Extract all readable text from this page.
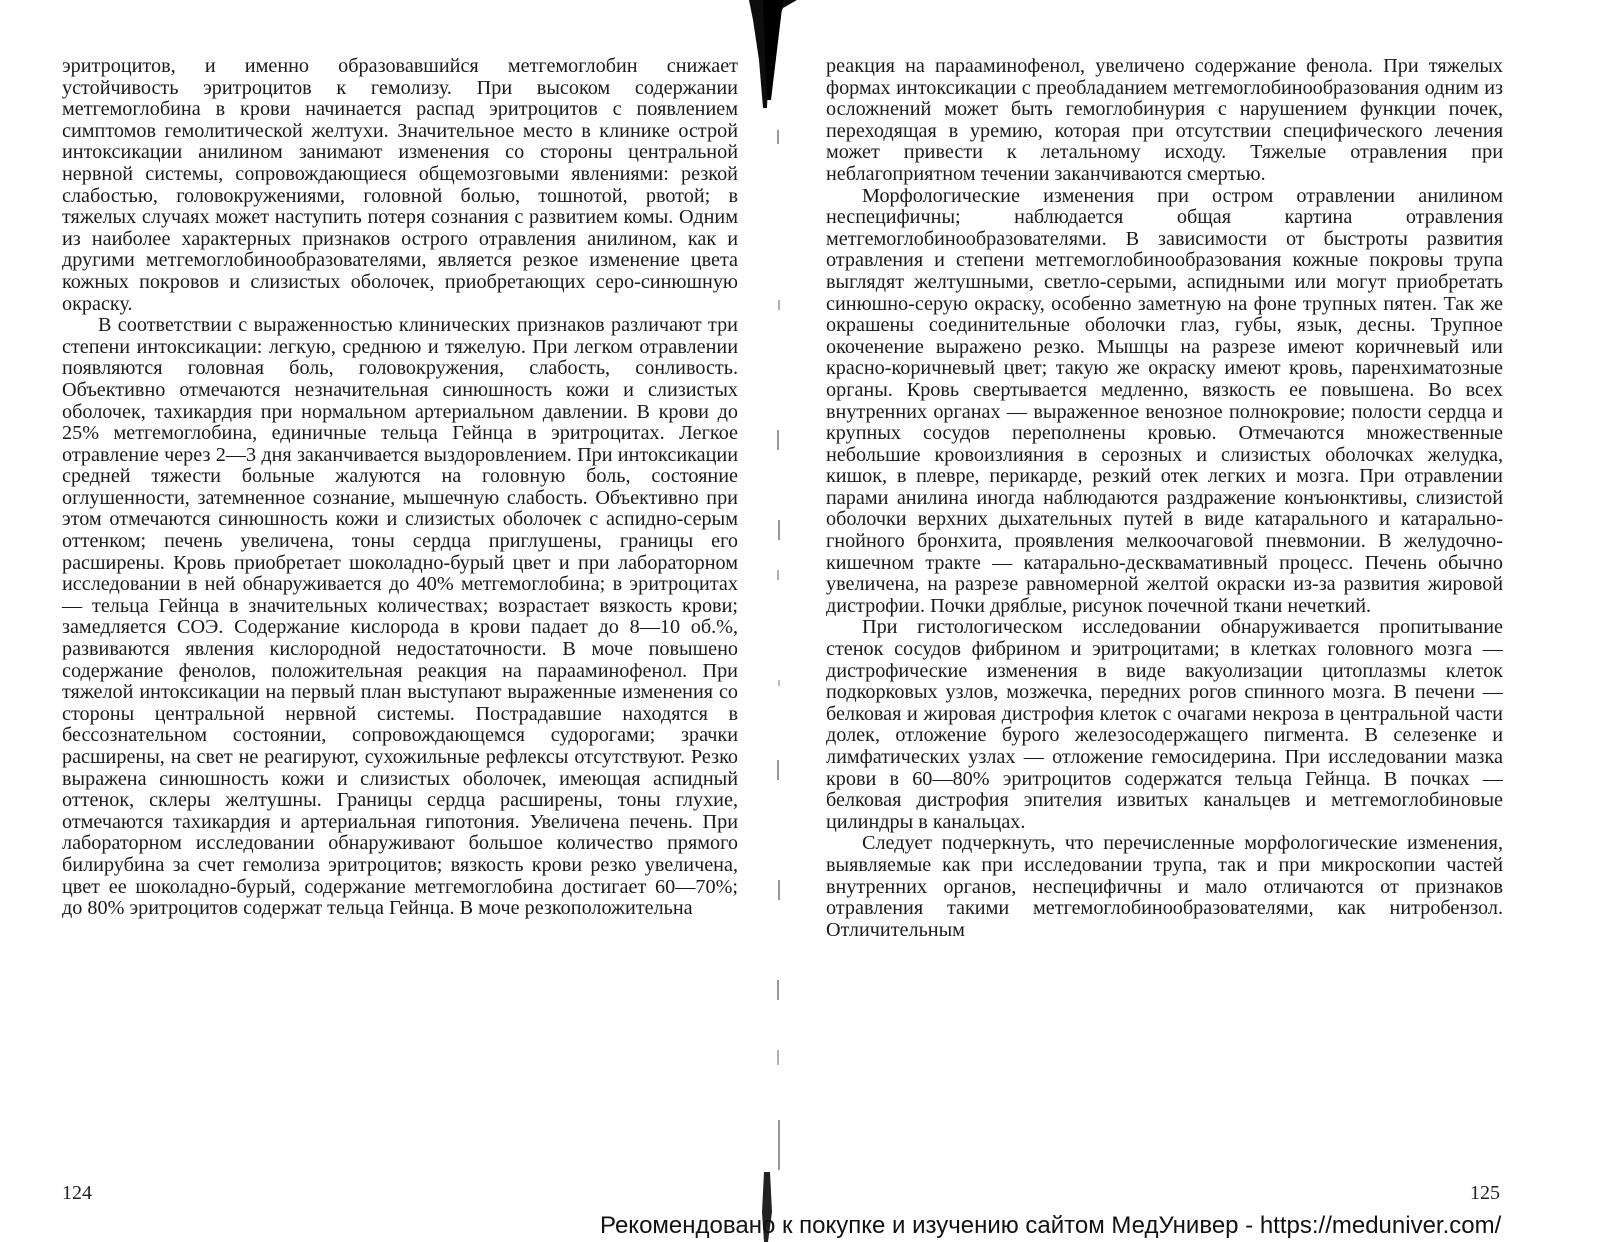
эритроцитов, и именно образовавшийся метгемоглобин снижает устойчивость эритроцитов к гемолизу. При высоком содержании метгемоглобина в крови начинается распад эритроцитов с появлением симптомов гемолитической желтухи. Значительное место в клинике острой интоксикации анилином занимают изменения со стороны центральной нервной системы, сопровождающиеся общемозговыми явлениями: резкой слабостью, головокружениями, головной болью, тошнотой, рвотой; в тяжелых случаях может наступить потеря сознания с развитием комы. Одним из наиболее характерных признаков острого отравления анилином, как и другими метгемоглобинообразователями, является резкое изменение цвета кожных покровов и слизистых оболочек, приобретающих серо-синюшную окраску.

В соответствии с выраженностью клинических признаков различают три степени интоксикации: легкую, среднюю и тяжелую. При легком отравлении появляются головная боль, головокружения, слабость, сонливость. Объективно отмечаются незначительная синюшность кожи и слизистых оболочек, тахикардия при нормальном артериальном давлении. В крови до 25% метгемоглобина, единичные тельца Гейнца в эритроцитах. Легкое отравление через 2—3 дня заканчивается выздоровлением. При интоксикации средней тяжести больные жалуются на головную боль, состояние оглушенности, затемненное сознание, мышечную слабость. Объективно при этом отмечаются синюшность кожи и слизистых оболочек с аспидно-серым оттенком; печень увеличена, тоны сердца приглушены, границы его расширены. Кровь приобретает шоколадно-бурый цвет и при лабораторном исследовании в ней обнаруживается до 40% метгемоглобина; в эритроцитах — тельца Гейнца в значительных количествах; возрастает вязкость крови; замедляется СОЭ. Содержание кислорода в крови падает до 8—10 об.%, развиваются явления кислородной недостаточности. В моче повышено содержание фенолов, положительная реакция на парааминофенол. При тяжелой интоксикации на первый план выступают выраженные изменения со стороны центральной нервной системы. Пострадавшие находятся в бессознательном состоянии, сопровождающемся судорогами; зрачки расширены, на свет не реагируют, сухожильные рефлексы отсутствуют. Резко выражена синюшность кожи и слизистых оболочек, имеющая аспидный оттенок, склеры желтушны. Границы сердца расширены, тоны глухие, отмечаются тахикардия и артериальная гипотония. Увеличена печень. При лабораторном исследовании обнаруживают большое количество прямого билирубина за счет гемолиза эритроцитов; вязкость крови резко увеличена, цвет ее шоколадно-бурый, содержание метгемоглобина достигает 60—70%; до 80% эритроцитов содержат тельца Гейнца. В моче резкоположительна

реакция на парааминофенол, увеличено содержание фенола. При тяжелых формах интоксикации с преобладанием метгемоглобинообразования одним из осложнений может быть гемоглобинурия с нарушением функции почек, переходящая в уремию, которая при отсутствии специфического лечения может привести к летальному исходу. Тяжелые отравления при неблагоприятном течении заканчиваются смертью.

Морфологические изменения при остром отравлении анилином неспецифичны; наблюдается общая картина отравления метгемоглобинообразователями. В зависимости от быстроты развития отравления и степени метгемоглобинообразования кожные покровы трупа выглядят желтушными, светло-серыми, аспидными или могут приобретать синюшно-серую окраску, особенно заметную на фоне трупных пятен. Так же окрашены соединительные оболочки глаз, губы, язык, десны. Трупное окоченение выражено резко. Мышцы на разрезе имеют коричневый или красно-коричневый цвет; такую же окраску имеют кровь, паренхиматозные органы. Кровь свертывается медленно, вязкость ее повышена. Во всех внутренних органах — выраженное венозное полнокровие; полости сердца и крупных сосудов переполнены кровью. Отмечаются множественные небольшие кровоизлияния в серозных и слизистых оболочках желудка, кишок, в плевре, перикарде, резкий отек легких и мозга. При отравлении парами анилина иногда наблюдаются раздражение конъюнктивы, слизистой оболочки верхних дыхательных путей в виде катарального и катарально-гнойного бронхита, проявления мелкоочаговой пневмонии. В желудочно-кишечном тракте — катарально-десквамативный процесс. Печень обычно увеличена, на разрезе равномерной желтой окраски из-за развития жировой дистрофии. Почки дряблые, рисунок почечной ткани нечеткий.

При гистологическом исследовании обнаруживается пропитывание стенок сосудов фибрином и эритроцитами; в клетках головного мозга — дистрофические изменения в виде вакуолизации цитоплазмы клеток подкорковых узлов, мозжечка, передних рогов спинного мозга. В печени — белковая и жировая дистрофия клеток с очагами некроза в центральной части долек, отложение бурого железосодержащего пигмента. В селезенке и лимфатических узлах — отложение гемосидерина. При исследовании мазка крови в 60—80% эритроцитов содержатся тельца Гейнца. В почках — белковая дистрофия эпителия извитых канальцев и метгемоглобиновые цилиндры в канальцах.

Следует подчеркнуть, что перечисленные морфологические изменения, выявляемые как при исследовании трупа, так и при микроскопии частей внутренних органов, неспецифичны и мало отличаются от признаков отравления такими метгемоглобинообразователями, как нитробензол. Отличительным

124	125
Рекомендовано к покупке и изучению сайтом МедУнивер - https://meduniver.com/
